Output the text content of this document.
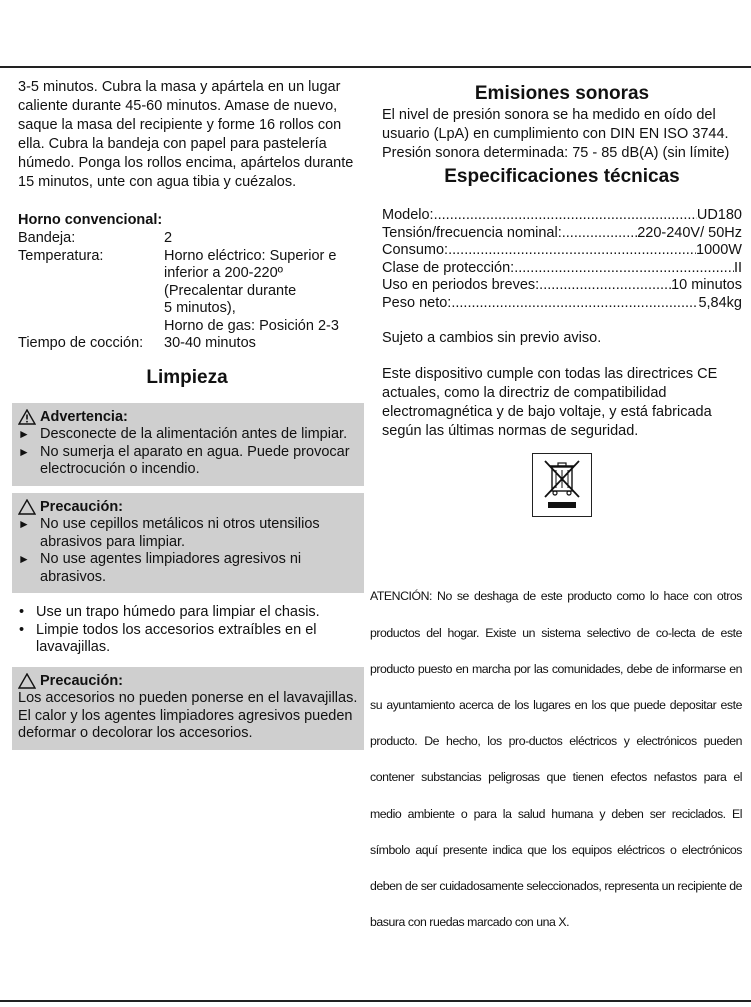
3-5 minutos. Cubra la masa y apártela en un lugar caliente durante 45-60 minutos. Amase de nuevo, saque la masa del recipiente y forme 16 rollos con ella. Cubra la bandeja con papel para pastelería húmedo. Ponga los rollos encima, apártelos durante 15 minutos, unte con agua tibia y cuézalos.

Horno convencional:

Bandeja:	2
Temperatura:	Horno eléctrico: Superior e
inferior a 200-220º
(Precalentar durante
5 minutos),
Horno de gas: Posición 2-3
Tiempo de cocción:	30-40 minutos

Limpieza

Advertencia:
► Desconecte de la alimentación antes de limpiar.
► No sumerja el aparato en agua. Puede provocar electrocución o incendio.
Precaución:
► No use cepillos metálicos ni otros utensilios abrasivos para limpiar.
► No use agentes limpiadores agresivos ni abrasivos.
• Use un trapo húmedo para limpiar el chasis.
• Limpie todos los accesorios extraíbles en el lavavajillas.
Precaución:
Los accesorios no pueden ponerse en el lavavajillas. El calor y los agentes limpiadores agresivos pueden deformar o decolorar los accesorios.

Emisiones sonoras

El nivel de presión sonora se ha medido en oído del usuario (LpA) en cumplimiento con DIN EN ISO 3744.

Presión sonora determinada: 75 - 85 dB(A) (sin límite)

Especificaciones técnicas

Modelo: .....	UD180
Tensión/frecuencia nominal: .....	220-240V/ 50Hz
Consumo: .....	1000W
Clase de protección: .....	II
Uso en periodos breves: .....	10 minutos
Peso neto: .....	5,84kg

Sujeto a cambios sin previo aviso.

Este dispositivo cumple con todas las directrices CE actuales, como la directriz de compatibilidad electromagnética y de bajo voltaje, y está fabricada según las últimas normas de seguridad.

ATENCIÓN: No se deshaga de este producto como lo hace con otros productos del hogar. Existe un sistema selectivo de co-lecta de este producto puesto en marcha por las comunidades, debe de informarse en su ayuntamiento acerca de los lugares en los que puede depositar este producto. De hecho, los pro-ductos eléctricos y electrónicos pueden contener substancias peligrosas que tienen efectos nefastos para el medio ambiente o para la salud humana y deben ser reciclados. El símbolo aquí presente indica que los equipos eléctricos o electrónicos deben de ser cuidadosamente seleccionados, representa un recipiente de basura con ruedas marcado con una X.
